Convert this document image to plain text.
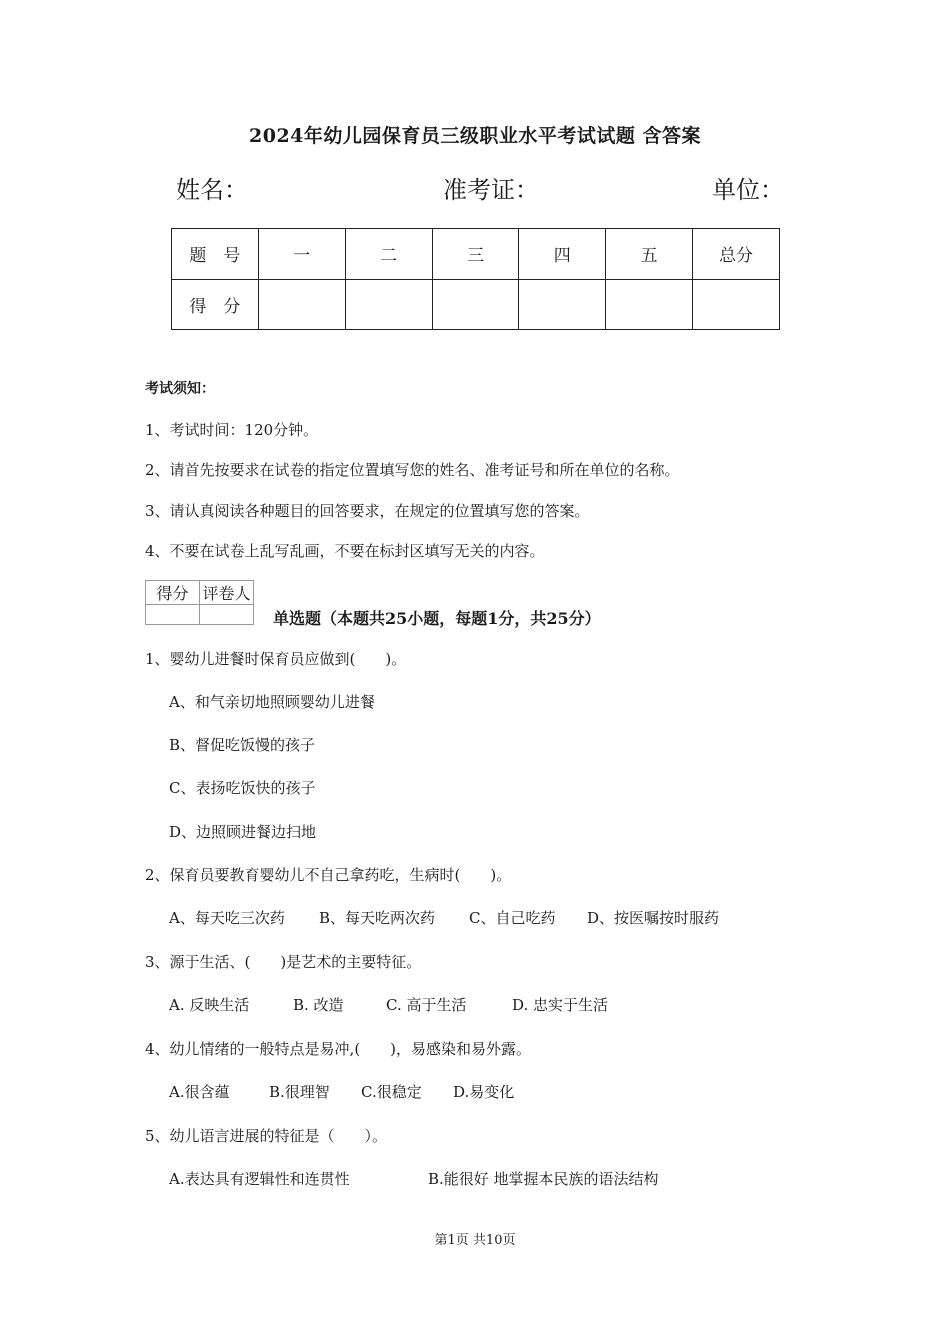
2024年幼儿园保育员三级职业水平考试试题 含答案
姓名：	准考证：	单位：
题　号	一	二	三	四	五	总分
得　分						
考试须知：
1、考试时间：120分钟。
2、请首先按要求在试卷的指定位置填写您的姓名、准考证号和所在单位的名称。
3、请认真阅读各种题目的回答要求，在规定的位置填写您的答案。
4、不要在试卷上乱写乱画，不要在标封区填写无关的内容。
得分	评卷人

单选题（本题共25小题，每题1分，共25分）
1、婴幼儿进餐时保育员应做到(　　)。
A、和气亲切地照顾婴幼儿进餐
B、督促吃饭慢的孩子
C、表扬吃饭快的孩子
D、边照顾进餐边扫地
2、保育员要教育婴幼儿不自己拿药吃，生病时(　　)。
A、每天吃三次药 B、每天吃两次药 C、自己吃药 D、按医嘱按时服药
3、源于生活、(　　)是艺术的主要特征。
A. 反映生活	B. 改造	C. 高于生活	D. 忠实于生活
4、幼儿情绪的一般特点是易冲,(　　)，易感染和易外露。
A.很含蕴	B.很理智 C.很稳定 D.易变化
5、幼儿语言进展的特征是（　　）。
A.表达具有逻辑性和连贯性	B.能很好 地掌握本民族的语法结构
第1页 共10页
